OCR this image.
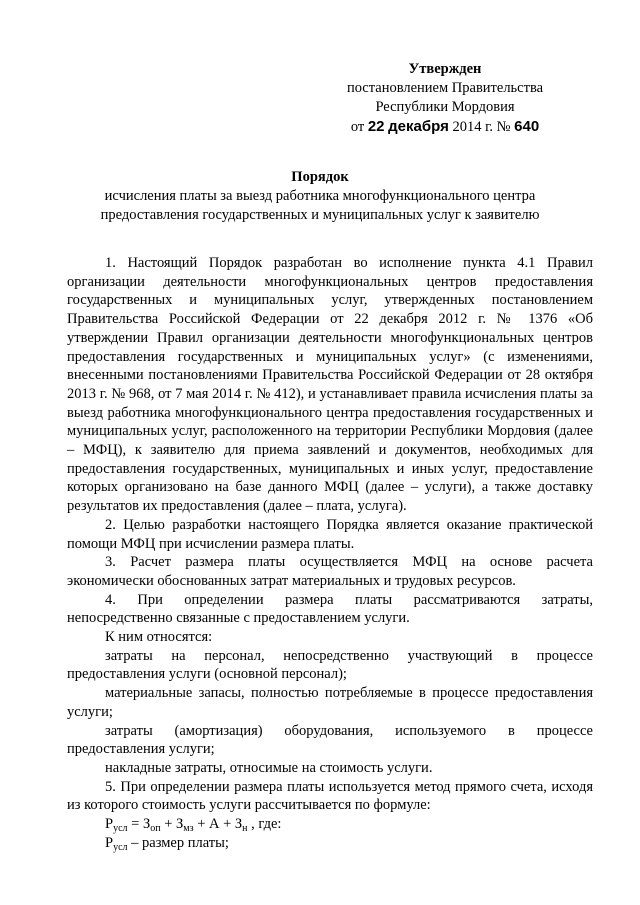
Утвержден
постановлением Правительства
Республики Мордовия
от 22 декабря 2014 г. № 640
Порядок
исчисления платы за выезд работника многофункционального центра
предоставления государственных и муниципальных услуг к заявителю

1. Настоящий Порядок разработан во исполнение пункта 4.1 Правил организации деятельности многофункциональных центров предоставления государственных и муниципальных услуг, утвержденных постановлением Правительства Российской Федерации от 22 декабря 2012 г. № 1376 «Об утверждении Правил организации деятельности многофункциональных центров предоставления государственных и муниципальных услуг» (с изменениями, внесенными постановлениями Правительства Российской Федерации от 28 октября 2013 г. № 968, от 7 мая 2014 г. № 412), и устанавливает правила исчисления платы за выезд работника многофункционального центра предоставления государственных и муниципальных услуг, расположенного на территории Республики Мордовия (далее – МФЦ), к заявителю для приема заявлений и документов, необходимых для предоставления государственных, муниципальных и иных услуг, предоставление которых организовано на базе данного МФЦ (далее – услуги), а также доставку результатов их предоставления (далее – плата, услуга).

2. Целью разработки настоящего Порядка является оказание практической помощи МФЦ при исчислении размера платы.

3. Расчет размера платы осуществляется МФЦ на основе расчета экономически обоснованных затрат материальных и трудовых ресурсов.

4. При определении размера платы рассматриваются затраты, непосредственно связанные с предоставлением услуги.

К ним относятся:

затраты на персонал, непосредственно участвующий в процессе предоставления услуги (основной персонал);

материальные запасы, полностью потребляемые в процессе предоставления услуги;

затраты (амортизация) оборудования, используемого в процессе предоставления услуги;

накладные затраты, относимые на стоимость услуги.

5. При определении размера платы используется метод прямого счета, исходя из которого стоимость услуги рассчитывается по формуле:

$Р_{усл} = З_{оп} + З_{мз} + А + З_н$ , где:

$Р_{усл}$ – размер платы;
